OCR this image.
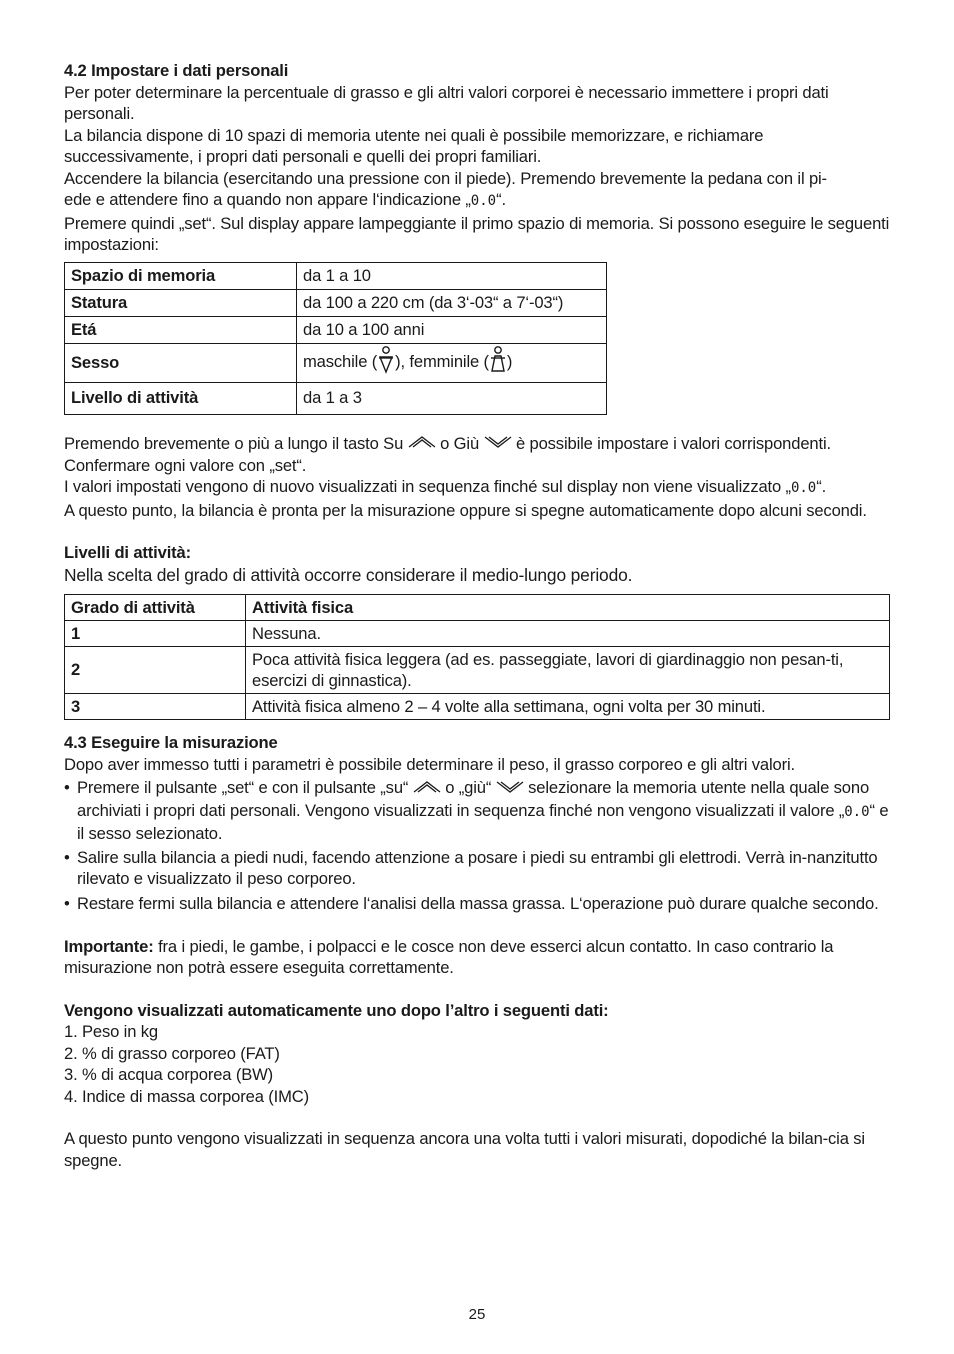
4.2 Impostare i dati personali

Per poter determinare la percentuale di grasso e gli altri valori corporei è necessario immettere i propri dati personali.

La bilancia dispone di 10 spazi di memoria utente nei quali è possibile memorizzare, e richiamare successivamente, i propri dati personali e quelli dei propri familiari.

Accendere la bilancia (esercitando una pressione con il piede). Premendo brevemente la pedana con il pi-
ede e attendere fino a quando non appare l‘indicazione „0.0“.

Premere quindi „set“. Sul display appare lampeggiante il primo spazio di memoria. Si possono eseguire le seguenti impostazioni:

Spazio di memoria	da 1 a 10
Statura	da 100 a 220 cm (da 3‘-03“ a 7‘-03“)
Etá	da 10 a 100 anni
Sesso	maschile ( ), femminile ( )
Livello di attività	da 1 a 3

Premendo brevemente o più a lungo il tasto Su o Giù è possibile impostare i valori corrispondenti.

Confermare ogni valore con „set“.

I valori impostati vengono di nuovo visualizzati in sequenza finché sul display non viene visualizzato „0.0“.

A questo punto, la bilancia è pronta per la misurazione oppure si spegne automaticamente dopo alcuni secondi.

Livelli di attività:

Nella scelta del grado di attività occorre considerare il medio-lungo periodo.

Grado di attività	Attività fisica
1	Nessuna.
2	Poca attività fisica leggera (ad es. passeggiate, lavori di giardinaggio non pesan-ti, esercizi di ginnastica).
3	Attività fisica almeno 2 – 4 volte alla settimana, ogni volta per 30 minuti.
4.3 Eseguire la misurazione

Dopo aver immesso tutti i parametri è possibile determinare il peso, il grasso corporeo e gli altri valori.

• Premere il pulsante „set“ e con il pulsante „su“ o „giù“ selezionare la memoria utente nella quale sono archiviati i propri dati personali. Vengono visualizzati in sequenza finché non vengono visualizzati il valore „0.0“ e il sesso selezionato.
• Salire sulla bilancia a piedi nudi, facendo attenzione a posare i piedi su entrambi gli elettrodi. Verrà in-nanzitutto rilevato e visualizzato il peso corporeo.
• Restare fermi sulla bilancia e attendere l‘analisi della massa grassa. L‘operazione può durare qualche secondo.

Importante: fra i piedi, le gambe, i polpacci e le cosce non deve esserci alcun contatto. In caso contrario la misurazione non potrà essere eseguita correttamente.

Vengono visualizzati automaticamente uno dopo l’altro i seguenti dati:

1. Peso in kg

2. % di grasso corporeo (FAT)

3. % di acqua corporea (BW)

4. Indice di massa corporea (IMC)

A questo punto vengono visualizzati in sequenza ancora una volta tutti i valori misurati, dopodiché la bilan-cia si spegne.

25
